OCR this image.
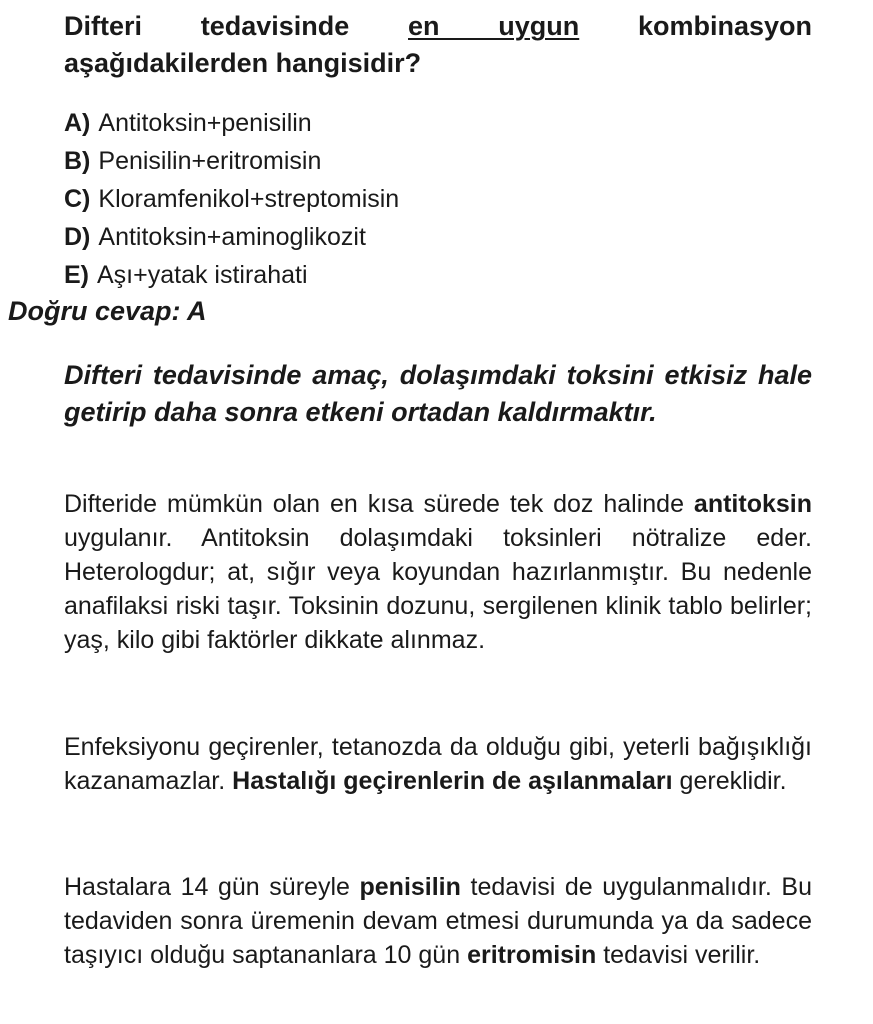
Difteri tedavisinde en uygun kombinasyon aşağıdakilerden hangisidir?

A) Antitoksin+penisilin
B) Penisilin+eritromisin
C) Kloramfenikol+streptomisin
D) Antitoksin+aminoglikozit
E) Aşı+yatak istirahati

Doğru cevap: A

Difteri tedavisinde amaç, dolaşımdaki toksini etkisiz hale getirip daha sonra etkeni ortadan kaldırmaktır.

Difteride mümkün olan en kısa sürede tek doz halinde antitoksin uygulanır. Antitoksin dolaşımdaki toksinleri nötralize eder. Heterologdur; at, sığır veya koyundan hazırlanmıştır. Bu nedenle anafilaksi riski taşır. Toksinin dozunu, sergilenen klinik tablo belirler; yaş, kilo gibi faktörler dikkate alınmaz.

Enfeksiyonu geçirenler, tetanozda da olduğu gibi, yeterli bağışıklığı kazanamazlar. Hastalığı geçirenlerin de aşılanmaları gereklidir.

Hastalara 14 gün süreyle penisilin tedavisi de uygulanmalıdır. Bu tedaviden sonra üremenin devam etmesi durumunda ya da sadece taşıyıcı olduğu saptananlara 10 gün eritromisin tedavisi verilir.
